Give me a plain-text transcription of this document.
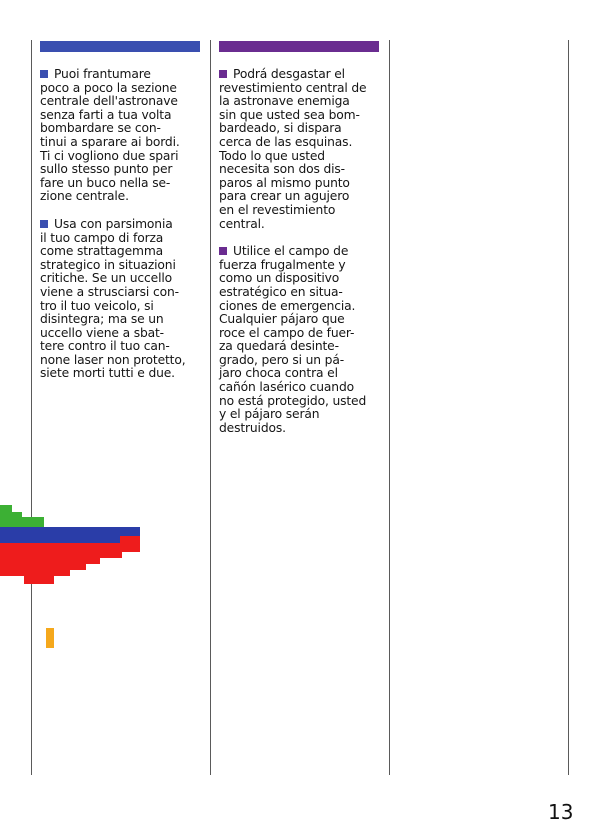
Puoi frantumare
poco a poco la sezione
centrale dell'astronave
senza farti a tua volta
bombardare se con-
tinui a sparare ai bordi.
Ti ci vogliono due spari
sullo stesso punto per
fare un buco nella se-
zione centrale.

Usa con parsimonia
il tuo campo di forza
come strattagemma
strategico in situazioni
critiche. Se un uccello
viene a strusciarsi con-
tro il tuo veicolo, si
disintegra; ma se un
uccello viene a sbat-
tere contro il tuo can-
none laser non protetto,
siete morti tutti e due.

Podrá desgastar el
revestimiento central de
la astronave enemiga
sin que usted sea bom-
bardeado, si dispara
cerca de las esquinas.
Todo lo que usted
necesita son dos dis-
paros al mismo punto
para crear un agujero
en el revestimiento
central.

Utilice el campo de
fuerza frugalmente y
como un dispositivo
estratégico en situa-
ciones de emergencia.
Cualquier pájaro que
roce el campo de fuer-
za quedará desinte-
grado, pero si un pá-
jaro choca contra el
cañón lasérico cuando
no está protegido, usted
y el pájaro serán
destruidos.

13
